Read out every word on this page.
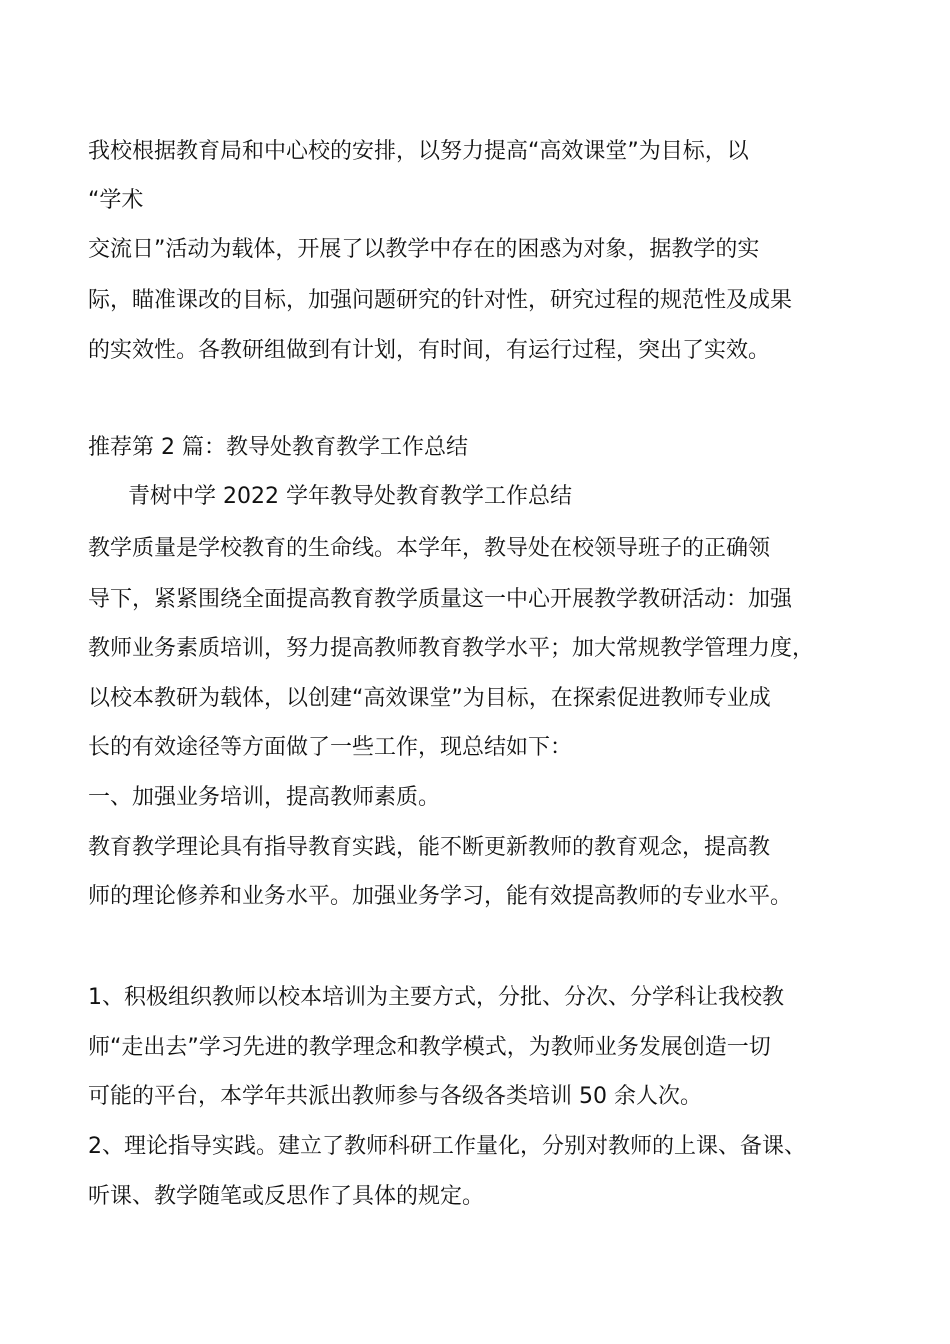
我校根据教育局和中心校的安排，以努力提高“高效课堂”为目标，以
“学术
交流日”活动为载体，开展了以教学中存在的困惑为对象，据教学的实
际，瞄准课改的目标，加强问题研究的针对性，研究过程的规范性及成果
的实效性。各教研组做到有计划，有时间，有运行过程，突出了实效。
推荐第 2 篇：教导处教育教学工作总结
青树中学 2022 学年教导处教育教学工作总结
教学质量是学校教育的生命线。本学年，教导处在校领导班子的正确领
导下，紧紧围绕全面提高教育教学质量这一中心开展教学教研活动：加强
教师业务素质培训，努力提高教师教育教学水平；加大常规教学管理力度，
以校本教研为载体，以创建“高效课堂”为目标，在探索促进教师专业成
长的有效途径等方面做了一些工作，现总结如下：
一、加强业务培训，提高教师素质。
教育教学理论具有指导教育实践，能不断更新教师的教育观念，提高教
师的理论修养和业务水平。加强业务学习，能有效提高教师的专业水平。
1、积极组织教师以校本培训为主要方式，分批、分次、分学科让我校教
师“走出去”学习先进的教学理念和教学模式，为教师业务发展创造一切
可能的平台，本学年共派出教师参与各级各类培训 50 余人次。
2、理论指导实践。建立了教师科研工作量化，分别对教师的上课、备课、
听课、教学随笔或反思作了具体的规定。
